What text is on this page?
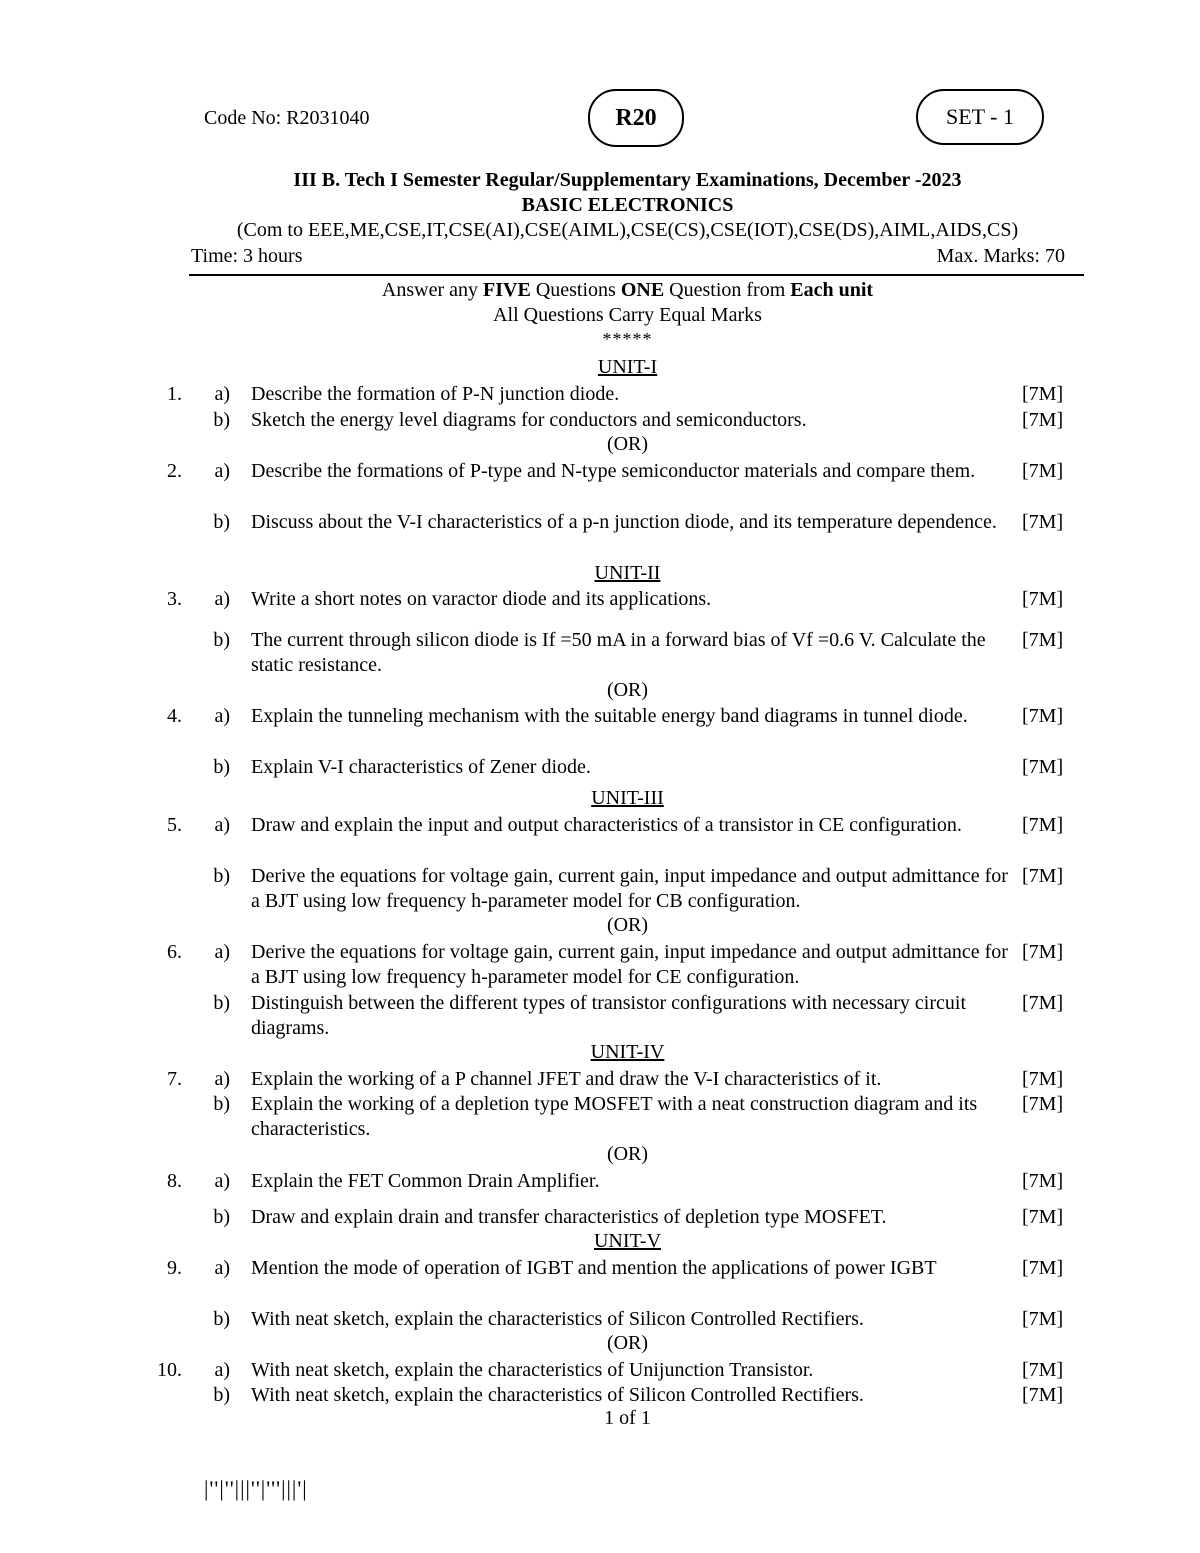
Code No: R2031040	R20	SET - 1
III B. Tech I Semester Regular/Supplementary Examinations, December -2023
BASIC ELECTRONICS
(Com to EEE,ME,CSE,IT,CSE(AI),CSE(AIML),CSE(CS),CSE(IOT),CSE(DS),AIML,AIDS,CS)
Time: 3 hours	Max. Marks: 70
Answer any FIVE Questions ONE Question from Each unit
All Questions Carry Equal Marks
*****
UNIT-I
1.	a) Describe the formation of P-N junction diode.	[7M]
b) Sketch the energy level diagrams for conductors and semiconductors.	[7M]
(OR)
2.	a) Describe the formations of P-type and N-type semiconductor materials and compare them.	[7M]
b) Discuss about the V-I characteristics of a p-n junction diode, and its temperature dependence.	[7M]
UNIT-II
3.	a) Write a short notes on varactor diode and its applications.	[7M]
b) The current through silicon diode is If =50 mA in a forward bias of Vf =0.6 V. Calculate the static resistance.
[7M]
(OR)
4.	a) Explain the tunneling mechanism with the suitable energy band diagrams in tunnel diode.	[7M]
b) Explain V-I characteristics of Zener diode.	[7M]
UNIT-III
5.	a) Draw and explain the input and output characteristics of a transistor in CE configuration.	[7M]
b) Derive the equations for voltage gain, current gain, input impedance and output admittance for a BJT using low frequency h-parameter model for CB configuration.
[7M]
(OR)
6.	a) Derive the equations for voltage gain, current gain, input impedance and output admittance for a BJT using low frequency h-parameter model for CE configuration.
[7M]
b) Distinguish between the different types of transistor configurations with necessary circuit diagrams.
[7M]
UNIT-IV
7.	a) Explain the working of a P channel JFET and draw the V-I characteristics of it.	[7M]
b) Explain the working of a depletion type MOSFET with a neat construction diagram and its characteristics.
[7M]
(OR)
8.	a) Explain the FET Common Drain Amplifier.	[7M]
b) Draw and explain drain and transfer characteristics of depletion type MOSFET.	[7M]
UNIT-V
9.	a) Mention the mode of operation of IGBT and mention the applications of power IGBT	[7M]
b) With neat sketch, explain the characteristics of Silicon Controlled Rectifiers.	[7M]
(OR)
10.	a) With neat sketch, explain the characteristics of Unijunction Transistor.	[7M]
b) With neat sketch, explain the characteristics of Silicon Controlled Rectifiers.	[7M]
1 of 1
|''|''|||''|'''|||'|
